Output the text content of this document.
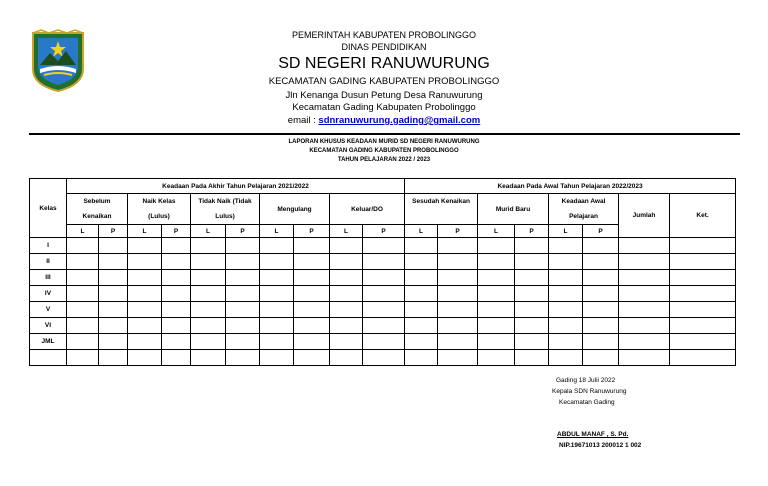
PEMERINTAH KABUPATEN PROBOLINGGO
DINAS PENDIDIKAN
SD NEGERI RANUWURUNG
KECAMATAN GADING KABUPATEN PROBOLINGGO
Jln Kenanga Dusun Petung Desa Ranuwurung
Kecamatan Gading Kabupaten Probolinggo
email : sdnranuwurung.gading@gmail.com
LAPORAN KHUSUS KEADAAN MURID SD NEGERI RANUWURUNG
KECAMATAN GADING KABUPATEN PROBOLINGGO
TAHUN PELAJARAN 2022 / 2023
Kelas	Keadaan Pada Akhir Tahun Pelajaran 2021/2022										Keadaan Pada Awal Tahun Pelajaran 2022/2023							
	Sebelum		Naik Kelas		Tidak Naik (Tidak		Mengulang		Keluar/DO		Sesudah Kenaikan		Murid Baru		Keadaan Awal		Jumlah	Ket.
	Kenaikan		(Lulus)		Lulus)										Pelajaran			
	L	P	L	P	L	P	L	P	L	P	L	P	L	P	L	P		
I																		
II																		
III																		
IV																		
V																		
VI																		
JML																		

Gading 18 Julii 2022
Kepala SDN Ranuwurung
Kecamatan Gading
ABDUL MANAF , S. Pd.
NIP.19671013 200012 1 002
